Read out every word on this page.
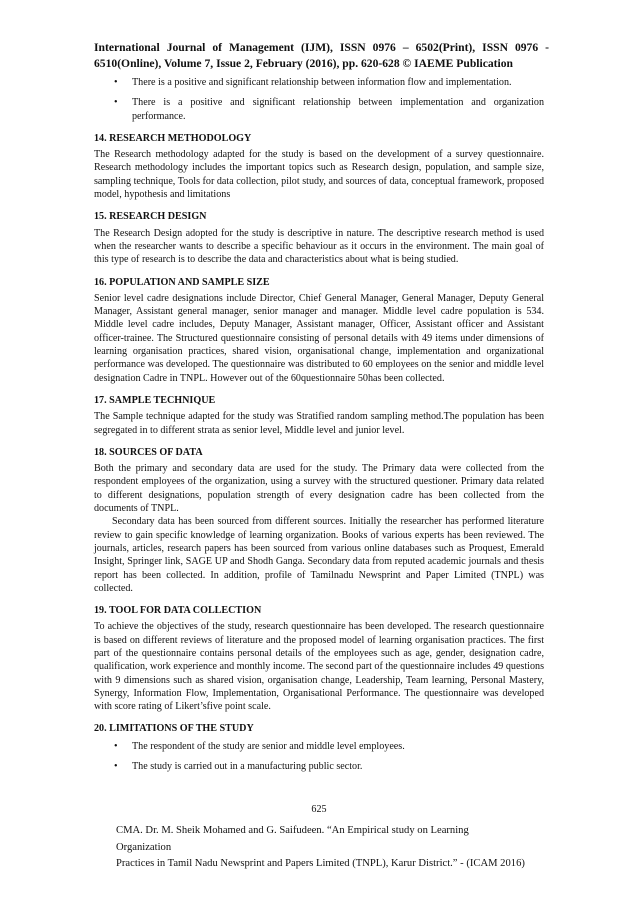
International Journal of Management (IJM), ISSN 0976 – 6502(Print), ISSN 0976 -
6510(Online), Volume 7, Issue 2, February (2016), pp. 620-628 © IAEME Publication
• There is a positive and significant relationship between information flow and implementation.
• There is a positive and significant relationship between implementation and organization performance.
14. RESEARCH METHODOLOGY

The Research methodology adapted for the study is based on the development of a survey questionnaire. Research methodology includes the important topics such as Research design, population, and sample size, sampling technique, Tools for data collection, pilot study, and sources of data, conceptual framework, proposed model, hypothesis and limitations

15. RESEARCH DESIGN

The Research Design adopted for the study is descriptive in nature. The descriptive research method is used when the researcher wants to describe a specific behaviour as it occurs in the environment. The main goal of this type of research is to describe the data and characteristics about what is being studied.

16. POPULATION AND SAMPLE SIZE

Senior level cadre designations include Director, Chief General Manager, General Manager, Deputy General Manager, Assistant general manager, senior manager and manager. Middle level cadre population is 534. Middle level cadre includes, Deputy Manager, Assistant manager, Officer, Assistant officer and Assistant officer-trainee. The Structured questionnaire consisting of personal details with 49 items under dimensions of learning organisation practices, shared vision, organisational change, implementation and organizational performance was developed. The questionnaire was distributed to 60 employees on the senior and middle level designation Cadre in TNPL. However out of the 60questionnaire 50has been collected.

17. SAMPLE TECHNIQUE

The Sample technique adapted for the study was Stratified random sampling method.The population has been segregated in to different strata as senior level, Middle level and junior level.

18. SOURCES OF DATA

Both the primary and secondary data are used for the study. The Primary data were collected from the respondent employees of the organization, using a survey with the structured questioner. Primary data related to different designations, population strength of every designation cadre has been collected from the documents of TNPL.

Secondary data has been sourced from different sources. Initially the researcher has performed literature review to gain specific knowledge of learning organization. Books of various experts has been reviewed. The journals, articles, research papers has been sourced from various online databases such as Proquest, Emerald Insight, Springer link, SAGE UP and Shodh Ganga. Secondary data from reputed academic journals and thesis report has been collected. In addition, profile of Tamilnadu Newsprint and Paper Limited (TNPL) was collected.

19. TOOL FOR DATA COLLECTION

To achieve the objectives of the study, research questionnaire has been developed. The research questionnaire is based on different reviews of literature and the proposed model of learning organisation practices. The first part of the questionnaire contains personal details of the employees such as age, gender, designation cadre, qualification, work experience and monthly income. The second part of the questionnaire includes 49 questions with 9 dimensions such as shared vision, organisation change, Leadership, Team learning, Personal Mastery, Synergy, Information Flow, Implementation, Organisational Performance. The questionnaire was developed with score rating of Likert’sfive point scale.

20. LIMITATIONS OF THE STUDY
• The respondent of the study are senior and middle level employees.
• The study is carried out in a manufacturing public sector.
625
CMA. Dr. M. Sheik Mohamed and G. Saifudeen. “An Empirical study on Learning Organization
Practices in Tamil Nadu Newsprint and Papers Limited (TNPL), Karur District.” - (ICAM 2016)
